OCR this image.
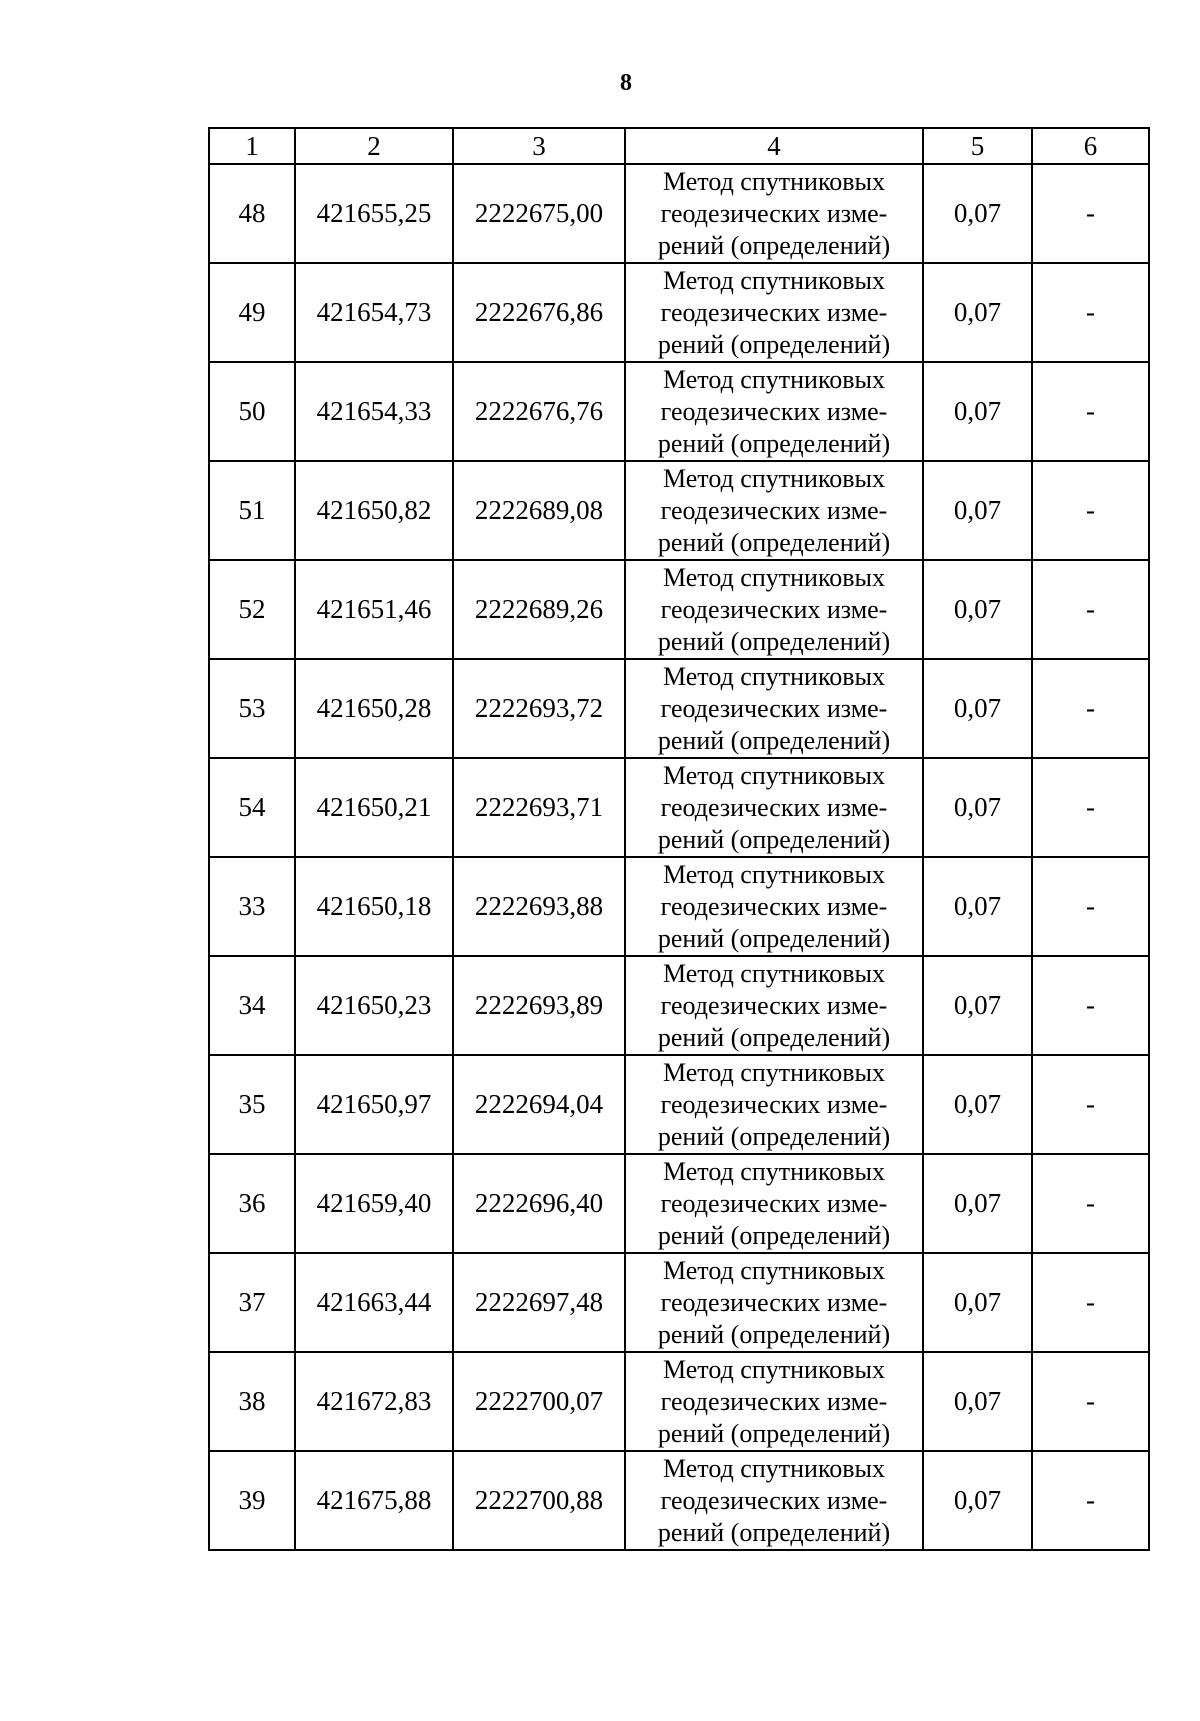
8
1	2	3	4	5	6
48	421655,25	2222675,00	Метод спутниковых геодезических изме-рений (определений)	0,07	-
49	421654,73	2222676,86	Метод спутниковых геодезических изме-рений (определений)	0,07	-
50	421654,33	2222676,76	Метод спутниковых геодезических изме-рений (определений)	0,07	-
51	421650,82	2222689,08	Метод спутниковых геодезических изме-рений (определений)	0,07	-
52	421651,46	2222689,26	Метод спутниковых геодезических изме-рений (определений)	0,07	-
53	421650,28	2222693,72	Метод спутниковых геодезических изме-рений (определений)	0,07	-
54	421650,21	2222693,71	Метод спутниковых геодезических изме-рений (определений)	0,07	-
33	421650,18	2222693,88	Метод спутниковых геодезических изме-рений (определений)	0,07	-
34	421650,23	2222693,89	Метод спутниковых геодезических изме-рений (определений)	0,07	-
35	421650,97	2222694,04	Метод спутниковых геодезических изме-рений (определений)	0,07	-
36	421659,40	2222696,40	Метод спутниковых геодезических изме-рений (определений)	0,07	-
37	421663,44	2222697,48	Метод спутниковых геодезических изме-рений (определений)	0,07	-
38	421672,83	2222700,07	Метод спутниковых геодезических изме-рений (определений)	0,07	-
39	421675,88	2222700,88	Метод спутниковых геодезических изме-рений (определений)	0,07	-
